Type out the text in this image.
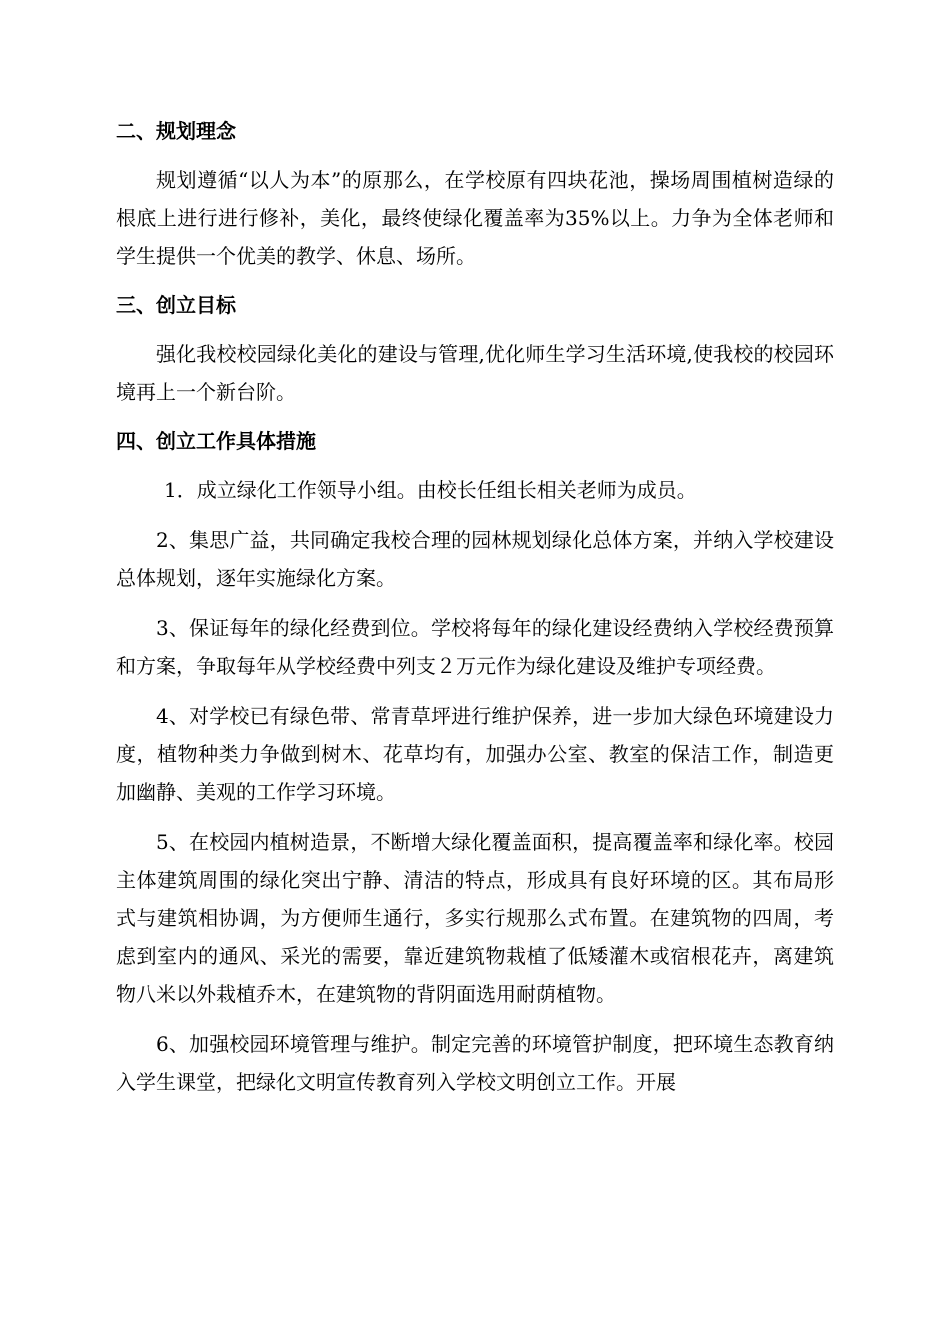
二、规划理念

规划遵循“以人为本”的原那么，在学校原有四块花池，操场周围植树造绿的根底上进行进行修补，美化，最终使绿化覆盖率为35%以上。力争为全体老师和学生提供一个优美的教学、休息、场所。

三、创立目标

强化我校校园绿化美化的建设与管理,优化师生学习生活环境,使我校的校园环境再上一个新台阶。

四、创立工作具体措施

1．成立绿化工作领导小组。由校长任组长相关老师为成员。

2、集思广益，共同确定我校合理的园林规划绿化总体方案，并纳入学校建设总体规划，逐年实施绿化方案。

3、保证每年的绿化经费到位。学校将每年的绿化建设经费纳入学校经费预算和方案，争取每年从学校经费中列支２万元作为绿化建设及维护专项经费。

4、对学校已有绿色带、常青草坪进行维护保养，进一步加大绿色环境建设力度，植物种类力争做到树木、花草均有，加强办公室、教室的保洁工作，制造更加幽静、美观的工作学习环境。

5、在校园内植树造景，不断增大绿化覆盖面积，提高覆盖率和绿化率。校园主体建筑周围的绿化突出宁静、清洁的特点，形成具有良好环境的区。其布局形式与建筑相协调，为方便师生通行，多实行规那么式布置。在建筑物的四周，考虑到室内的通风、采光的需要，靠近建筑物栽植了低矮灌木或宿根花卉，离建筑物八米以外栽植乔木，在建筑物的背阴面选用耐荫植物。

6、加强校园环境管理与维护。制定完善的环境管护制度，把环境生态教育纳入学生课堂，把绿化文明宣传教育列入学校文明创立工作。开展
